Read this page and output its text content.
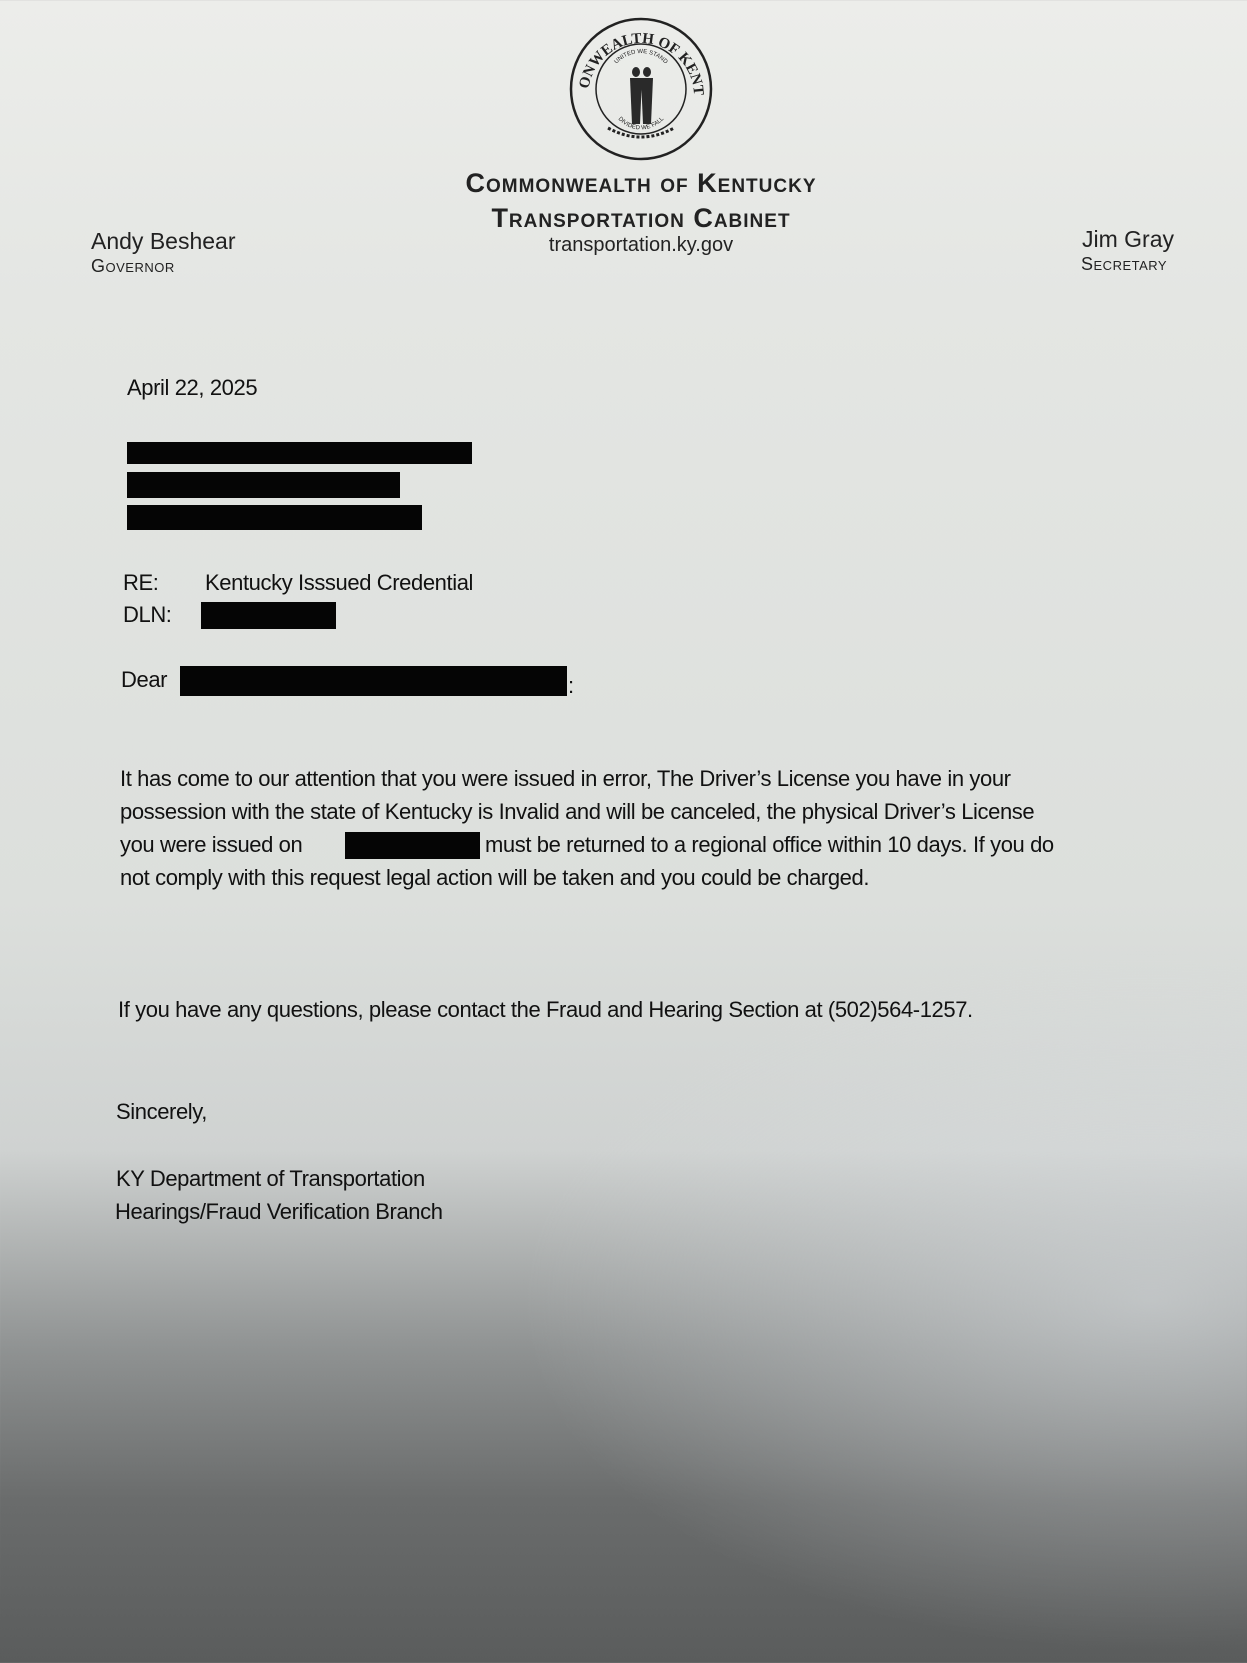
ONWEALTH OF KENT
UNITED WE STAND
DIVIDED WE FALL
Commonwealth of Kentucky
Transportation Cabinet
transportation.ky.gov
Andy Beshear
Governor
Jim Gray
Secretary
April 22, 2025
RE: Kentucky Isssued Credential
DLN:
Dear	:
It has come to our attention that you were issued in error, The Driver’s License you have in your
possession with the state of Kentucky is Invalid and will be canceled, the physical Driver’s License
you were issued on	must be returned to a regional office within 10 days. If you do
not comply with this request legal action will be taken and you could be charged.
If you have any questions, please contact the Fraud and Hearing Section at (502)564-1257.
Sincerely,
KY Department of Transportation
Hearings/Fraud Verification Branch
